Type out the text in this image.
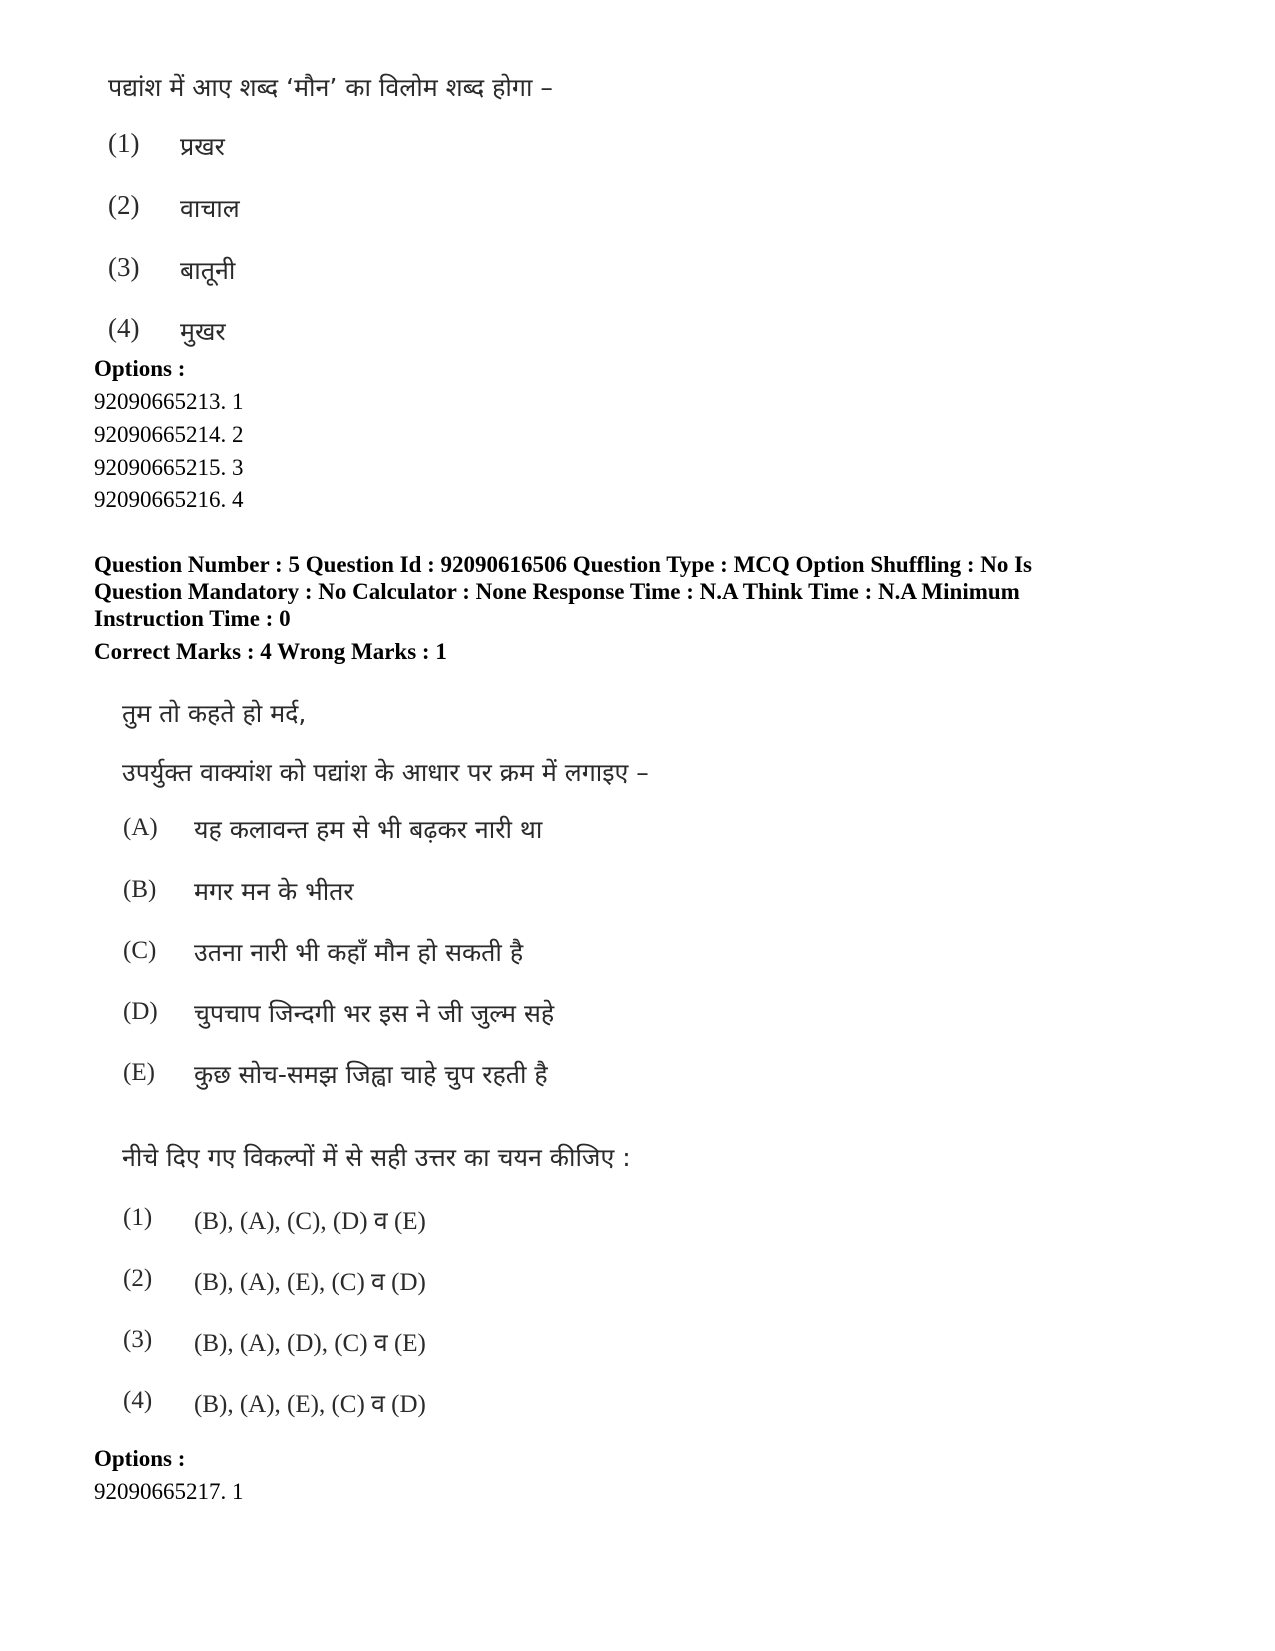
पद्यांश में आए शब्द ‘मौन’ का विलोम शब्द होगा –
(1) प्रखर
(2) वाचाल
(3) बातूनी
(4) मुखर
Options :
92090665213. 1
92090665214. 2
92090665215. 3
92090665216. 4
Question Number : 5 Question Id : 92090616506 Question Type : MCQ Option Shuffling : No Is
Question Mandatory : No Calculator : None Response Time : N.A Think Time : N.A Minimum
Instruction Time : 0
Correct Marks : 4 Wrong Marks : 1
तुम तो कहते हो मर्द,
उपर्युक्त वाक्यांश को पद्यांश के आधार पर क्रम में लगाइए –
(A) यह कलावन्त हम से भी बढ़कर नारी था
(B) मगर मन के भीतर
(C) उतना नारी भी कहाँ मौन हो सकती है
(D) चुपचाप जिन्दगी भर इस ने जी जुल्म सहे
(E) कुछ सोच-समझ जिह्वा चाहे चुप रहती है
नीचे दिए गए विकल्पों में से सही उत्तर का चयन कीजिए :
(1) (B), (A), (C), (D) व (E)
(2) (B), (A), (E), (C) व (D)
(3) (B), (A), (D), (C) व (E)
(4) (B), (A), (E), (C) व (D)
Options :
92090665217. 1
